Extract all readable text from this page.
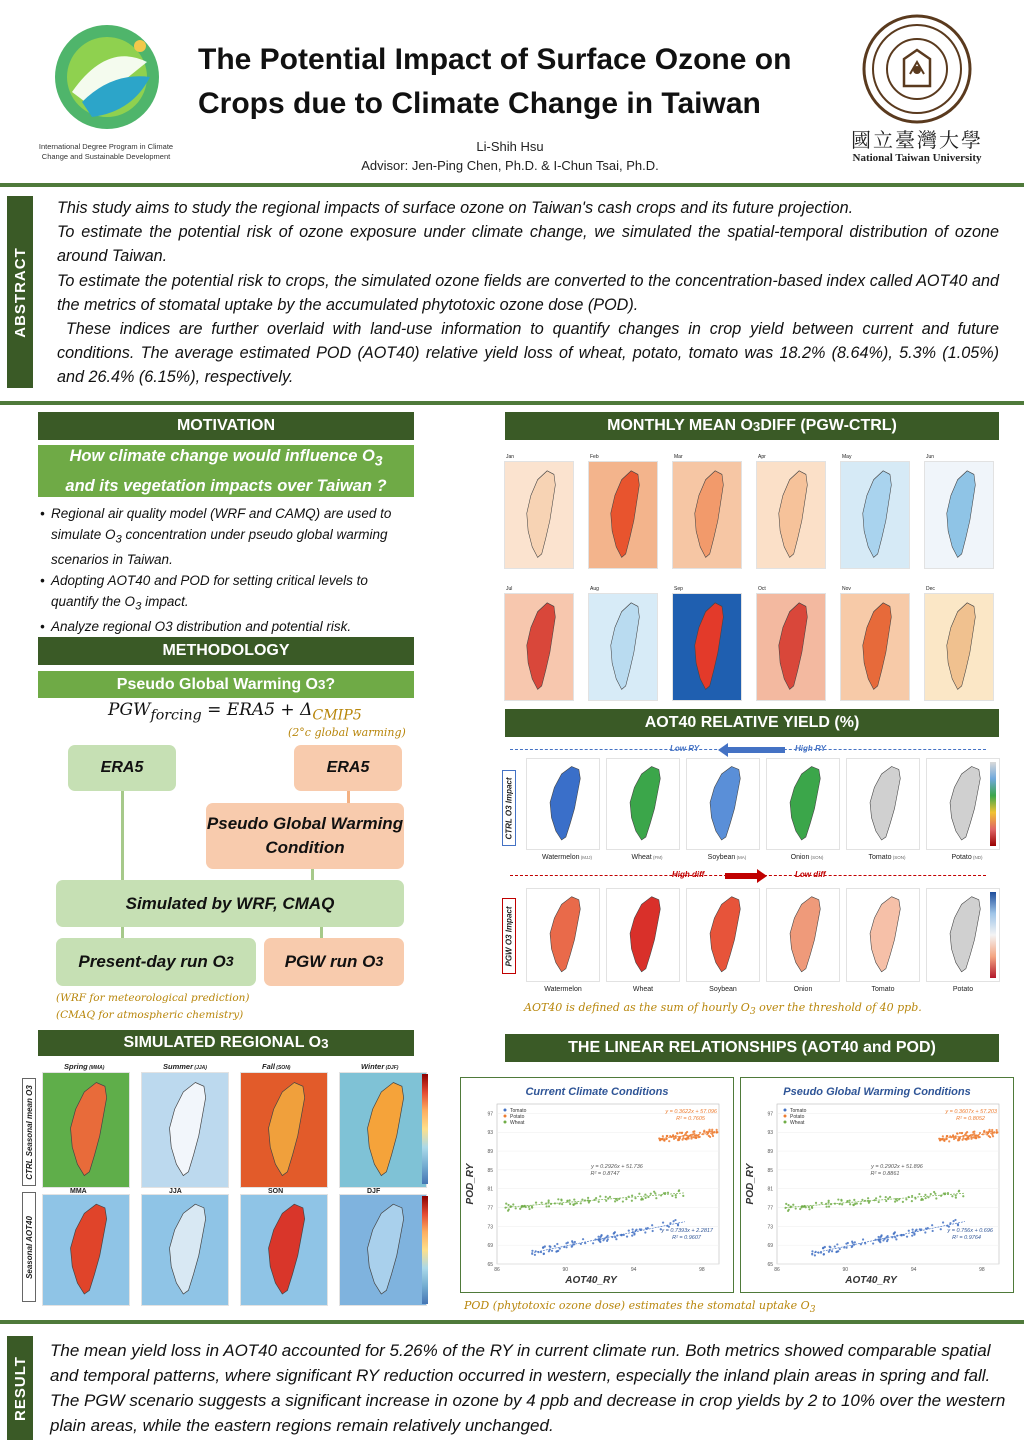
International Degree Program in Climate Change and Sustainable Development
The Potential Impact of Surface Ozone on Crops due to Climate Change in Taiwan
Li-Shih Hsu
Advisor: Jen-Ping Chen, Ph.D. & I-Chun Tsai, Ph.D.
國立臺灣大學
National Taiwan University
ABSTRACT
This study aims to study the regional impacts of surface ozone on Taiwan's cash crops and its future projection.
To estimate the potential risk of ozone exposure under climate change, we simulated the spatial-temporal distribution of ozone around Taiwan.
To estimate the potential risk to crops, the simulated ozone fields are converted to the concentration-based index called AOT40 and the metrics of stomatal uptake by the accumulated phytotoxic ozone dose (POD).
These indices are further overlaid with land-use information to quantify changes in crop yield between current and future conditions. The average estimated POD (AOT40) relative yield loss of wheat, potato, tomato was 18.2% (8.64%), 5.3% (1.05%) and 26.4% (6.15%), respectively.
MOTIVATION
How climate change would influence $O_3$
and its vegetation impacts over Taiwan ?
• Regional air quality model (WRF and CAMQ) are used to simulate $O_3$ concentration under pseudo global warming scenarios in Taiwan.
• Adopting AOT40 and POD for setting critical levels to quantify the $O_3$ impact.
• Analyze regional O3 distribution and potential risk.
METHODOLOGY
Pseudo Global Warming O 3 ?
$PGW_{forcing} = ERA5 + \Delta_{CMIP5}$
(2°c global warming)
ERA5	ERA5
Pseudo Global Warming Condition
Simulated by WRF, CMAQ
Present-day run O 3	PGW run O 3
(WRF for meteorological prediction)
(CMAQ for atmospheric chemistry)
SIMULATED REGIONAL O 3
CTRL Seasonal mean O3
Seasonal AOT40
Spring (MMA)
MMA
Summer (JJA)
JJA
Fall (SON)
SON
Winter (DJF)
DJF
MONTHLY MEAN O 3 DIFF (PGW-CTRL)
Jan	Feb	Mar	Apr	May	Jun
Jul	Aug	Sep	Oct	Nov	Dec
AOT40 RELATIVE YIELD (%)
Low RY	High RY
High diff	Low diff
CTRL O3 Impact
PGW O3 Impact
Watermelon (MJJ)
Watermelon
Wheat (FM)
Wheat
Soybean (MA)
Soybean
Onion (SON)
Onion
Tomato (SON)
Tomato
Potato (ND)
Potato
AOT40 is defined as the sum of hourly $O_3$ over the threshold of 40 ppb.
THE LINEAR RELATIONSHIPS (AOT40 and POD)
Current Climate Conditions
65
69
73
77
81
85
89
93
97
86	90	94	98
POD_RY
AOT40_RY
Tomato
Potato
Wheat
y = 0.3622x + 57.096
R² = 0.7605
y = 0.2926x + 51.736
R² = 0.8747
y = 0.7393x + 2.2817
R² = 0.9607
Pseudo Global Warming Conditions
65
69
73
77
81
85
89
93
97
86	90	94	98
POD_RY
AOT40_RY
Tomato
Potato
Wheat
y = 0.3607x + 57.203
R² = 0.8052
y = 0.2902x + 51.896
R² = 0.8861
y = 0.756x + 0.696
R² = 0.9764
POD (phytotoxic ozone dose) estimates the stomatal uptake $O_3$
RESULT
The mean yield loss in AOT40 accounted for 5.26% of the RY in current climate run. Both metrics showed comparable spatial and temporal patterns, where significant RY reduction occurred in western, especially the inland plain areas in spring and fall. The PGW scenario suggests a significant increase in ozone by 4 ppb and decrease in crop yields by 2 to 10% over the western plain areas, while the eastern regions remain relatively unchanged.
